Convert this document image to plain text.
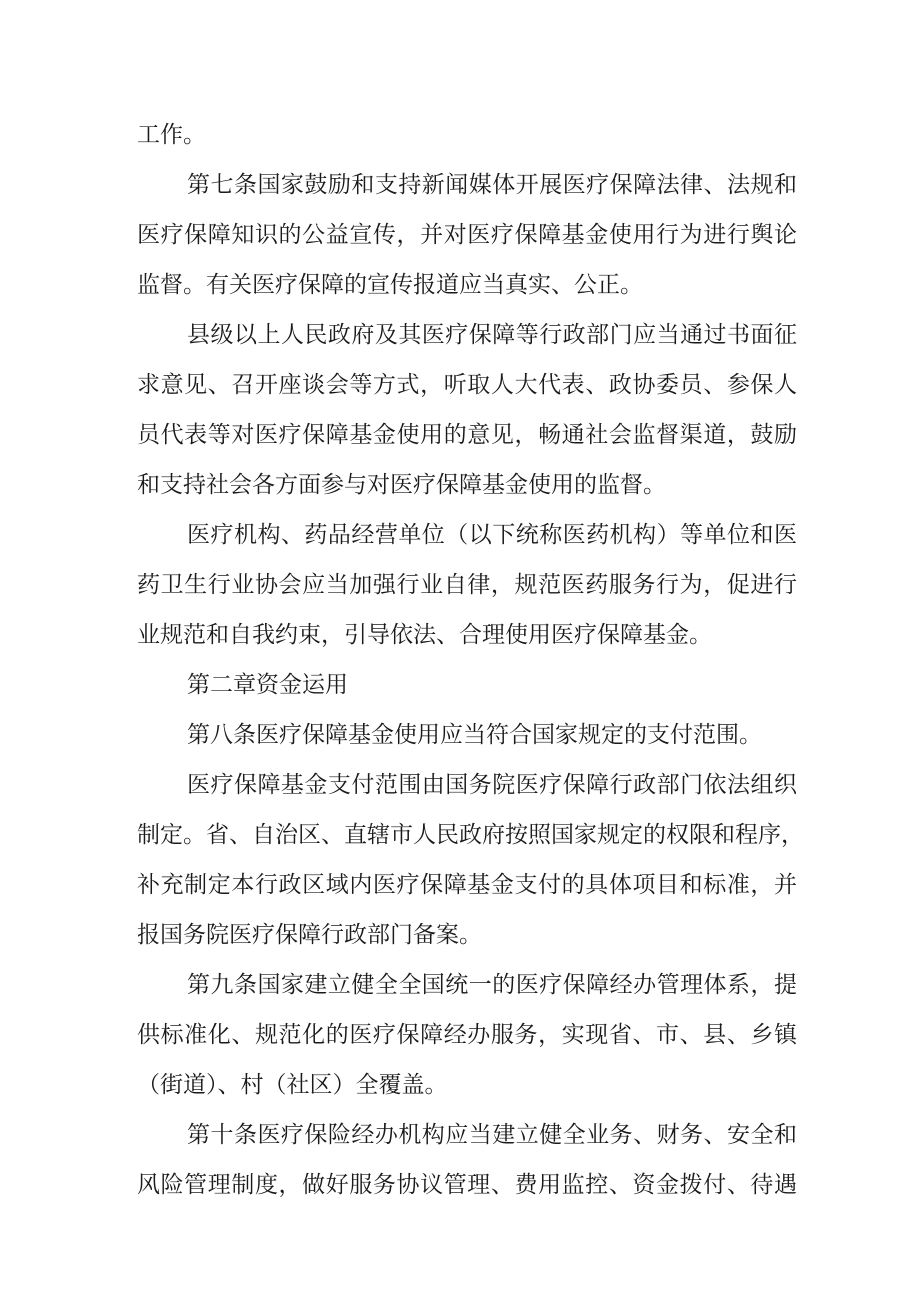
工作。
第七条国家鼓励和支持新闻媒体开展医疗保障法律、法规和
医疗保障知识的公益宣传，并对医疗保障基金使用行为进行舆论
监督。有关医疗保障的宣传报道应当真实、公正。
县级以上人民政府及其医疗保障等行政部门应当通过书面征
求意见、召开座谈会等方式，听取人大代表、政协委员、参保人
员代表等对医疗保障基金使用的意见，畅通社会监督渠道，鼓励
和支持社会各方面参与对医疗保障基金使用的监督。
医疗机构、药品经营单位（以下统称医药机构）等单位和医
药卫生行业协会应当加强行业自律，规范医药服务行为，促进行
业规范和自我约束，引导依法、合理使用医疗保障基金。
第二章资金运用
第八条医疗保障基金使用应当符合国家规定的支付范围。
医疗保障基金支付范围由国务院医疗保障行政部门依法组织
制定。省、自治区、直辖市人民政府按照国家规定的权限和程序，
补充制定本行政区域内医疗保障基金支付的具体项目和标准，并
报国务院医疗保障行政部门备案。
第九条国家建立健全全国统一的医疗保障经办管理体系，提
供标准化、规范化的医疗保障经办服务，实现省、市、县、乡镇
（街道）、村（社区）全覆盖。
第十条医疗保险经办机构应当建立健全业务、财务、安全和
风险管理制度，做好服务协议管理、费用监控、资金拨付、待遇
